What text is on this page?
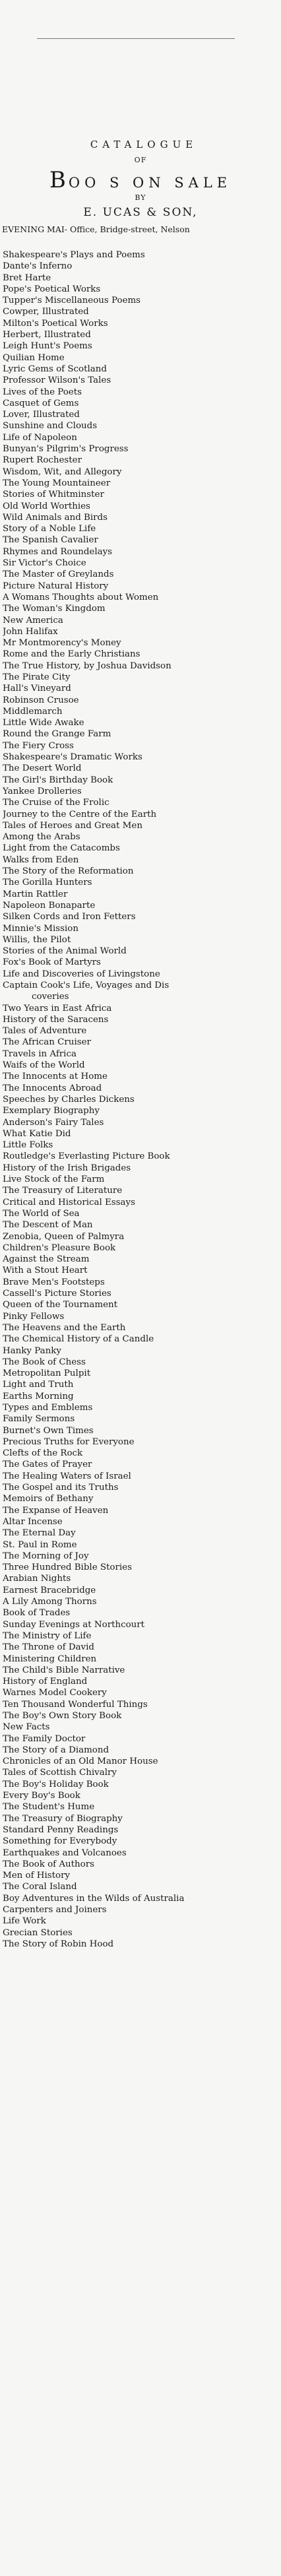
CATALOGUE
OF
BOO S ON SALE
BY
E. UCAS & SON,
EVENING MAI- Office, Bridge-street, Nelson
Shakespeare's Plays and Poems
Dante's Inferno
Bret Harte
Pope's Poetical Works
Tupper's Miscellaneous Poems
Cowper, Illustrated
Milton's Poetical Works
Herbert, Illustrated
Leigh Hunt's Poems
Quilian Home
Lyric Gems of Scotland
Professor Wilson's Tales
Lives of the Poets
Casquet of Gems
Lover, Illustrated
Sunshine and Clouds
Life of Napoleon
Bunyan's Pilgrim's Progress
Rupert Rochester
Wisdom, Wit, and Allegory
The Young Mountaineer
Stories of Whitminster
Old World Worthies
Wild Animals and Birds
Story of a Noble Life
The Spanish Cavalier
Rhymes and Roundelays
Sir Victor's Choice
The Master of Greylands
Picture Natural History
A Womans Thoughts about Women
The Woman's Kingdom
New America
John Halifax
Mr Montmorency's Money
Rome and the Early Christians
The True History, by Joshua Davidson
The Pirate City
Hall's Vineyard
Robinson Crusoe
Middlemarch
Little Wide Awake
Round the Grange Farm
The Fiery Cross
Shakespeare's Dramatic Works
The Desert World
The Girl's Birthday Book
Yankee Drolleries
The Cruise of the Frolic
Journey to the Centre of the Earth
Tales of Heroes and Great Men
Among the Arabs
Light from the Catacombs
Walks from Eden
The Story of the Reformation
The Gorilla Hunters
Martin Rattler
Napoleon Bonaparte
Silken Cords and Iron Fetters
Minnie's Mission
Willis, the Pilot
Stories of the Animal World
Fox's Book of Martyrs
Life and Discoveries of Livingstone
Captain Cook's Life, Voyages and Dis
coveries
Two Years in East Africa
History of the Saracens
Tales of Adventure
The African Cruiser
Travels in Africa
Waifs of the World
The Innocents at Home
The Innocents Abroad
Speeches by Charles Dickens
Exemplary Biography
Anderson's Fairy Tales
What Katie Did
Little Folks
Routledge's Everlasting Picture Book
History of the Irish Brigades
Live Stock of the Farm
The Treasury of Literature
Critical and Historical Essays
The World of Sea
The Descent of Man
Zenobia, Queen of Palmyra
Children's Pleasure Book
Against the Stream
With a Stout Heart
Brave Men's Footsteps
Cassell's Picture Stories
Queen of the Tournament
Pinky Fellows
The Heavens and the Earth
The Chemical History of a Candle
Hanky Panky
The Book of Chess
Metropolitan Pulpit
Light and Truth
Earths Morning
Types and Emblems
Family Sermons
Burnet's Own Times
Precious Truths for Everyone
Clefts of the Rock
The Gates of Prayer
The Healing Waters of Israel
The Gospel and its Truths
Memoirs of Bethany
The Expanse of Heaven
Altar Incense
The Eternal Day
St. Paul in Rome
The Morning of Joy
Three Hundred Bible Stories
Arabian Nights
Earnest Bracebridge
A Lily Among Thorns
Book of Trades
Sunday Evenings at Northcourt
The Ministry of Life
The Throne of David
Ministering Children
The Child's Bible Narrative
History of England
Warnes Model Cookery
Ten Thousand Wonderful Things
The Boy's Own Story Book
New Facts
The Family Doctor
The Story of a Diamond
Chronicles of an Old Manor House
Tales of Scottish Chivalry
The Boy's Holiday Book
Every Boy's Book
The Student's Hume
The Treasury of Biography
Standard Penny Readings
Something for Everybody
Earthquakes and Volcanoes
The Book of Authors
Men of History
The Coral Island
Boy Adventures in the Wilds of Australia
Carpenters and Joiners
Life Work
Grecian Stories
The Story of Robin Hood
